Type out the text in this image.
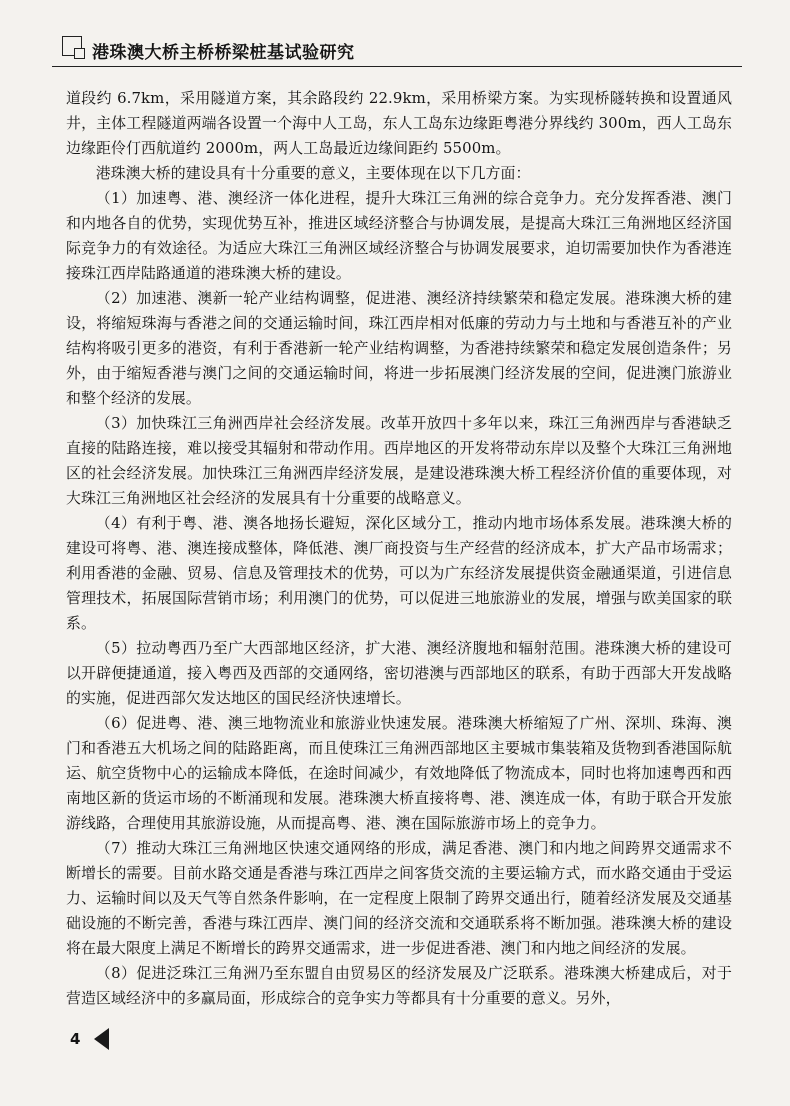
港珠澳大桥主桥桥梁桩基试验研究

道段约 6.7km，采用隧道方案，其余路段约 22.9km，采用桥梁方案。为实现桥隧转换和设置通风井，主体工程隧道两端各设置一个海中人工岛，东人工岛东边缘距粤港分界线约 300m，西人工岛东边缘距伶仃西航道约 2000m，两人工岛最近边缘间距约 5500m。

港珠澳大桥的建设具有十分重要的意义，主要体现在以下几方面：

（1）加速粤、港、澳经济一体化进程，提升大珠江三角洲的综合竞争力。充分发挥香港、澳门和内地各自的优势，实现优势互补，推进区域经济整合与协调发展，是提高大珠江三角洲地区经济国际竞争力的有效途径。为适应大珠江三角洲区域经济整合与协调发展要求，迫切需要加快作为香港连接珠江西岸陆路通道的港珠澳大桥的建设。

（2）加速港、澳新一轮产业结构调整，促进港、澳经济持续繁荣和稳定发展。港珠澳大桥的建设，将缩短珠海与香港之间的交通运输时间，珠江西岸相对低廉的劳动力与土地和与香港互补的产业结构将吸引更多的港资，有利于香港新一轮产业结构调整，为香港持续繁荣和稳定发展创造条件；另外，由于缩短香港与澳门之间的交通运输时间，将进一步拓展澳门经济发展的空间，促进澳门旅游业和整个经济的发展。

（3）加快珠江三角洲西岸社会经济发展。改革开放四十多年以来，珠江三角洲西岸与香港缺乏直接的陆路连接，难以接受其辐射和带动作用。西岸地区的开发将带动东岸以及整个大珠江三角洲地区的社会经济发展。加快珠江三角洲西岸经济发展，是建设港珠澳大桥工程经济价值的重要体现，对大珠江三角洲地区社会经济的发展具有十分重要的战略意义。

（4）有利于粤、港、澳各地扬长避短，深化区域分工，推动内地市场体系发展。港珠澳大桥的建设可将粤、港、澳连接成整体，降低港、澳厂商投资与生产经营的经济成本，扩大产品市场需求；利用香港的金融、贸易、信息及管理技术的优势，可以为广东经济发展提供资金融通渠道，引进信息管理技术，拓展国际营销市场；利用澳门的优势，可以促进三地旅游业的发展，增强与欧美国家的联系。

（5）拉动粤西乃至广大西部地区经济，扩大港、澳经济腹地和辐射范围。港珠澳大桥的建设可以开辟便捷通道，接入粤西及西部的交通网络，密切港澳与西部地区的联系，有助于西部大开发战略的实施，促进西部欠发达地区的国民经济快速增长。

（6）促进粤、港、澳三地物流业和旅游业快速发展。港珠澳大桥缩短了广州、深圳、珠海、澳门和香港五大机场之间的陆路距离，而且使珠江三角洲西部地区主要城市集装箱及货物到香港国际航运、航空货物中心的运输成本降低，在途时间减少，有效地降低了物流成本，同时也将加速粤西和西南地区新的货运市场的不断涌现和发展。港珠澳大桥直接将粤、港、澳连成一体，有助于联合开发旅游线路，合理使用其旅游设施，从而提高粤、港、澳在国际旅游市场上的竞争力。

（7）推动大珠江三角洲地区快速交通网络的形成，满足香港、澳门和内地之间跨界交通需求不断增长的需要。目前水路交通是香港与珠江西岸之间客货交流的主要运输方式，而水路交通由于受运力、运输时间以及天气等自然条件影响，在一定程度上限制了跨界交通出行，随着经济发展及交通基础设施的不断完善，香港与珠江西岸、澳门间的经济交流和交通联系将不断加强。港珠澳大桥的建设将在最大限度上满足不断增长的跨界交通需求，进一步促进香港、澳门和内地之间经济的发展。

（8）促进泛珠江三角洲乃至东盟自由贸易区的经济发展及广泛联系。港珠澳大桥建成后，对于营造区域经济中的多赢局面，形成综合的竞争实力等都具有十分重要的意义。另外，

4
